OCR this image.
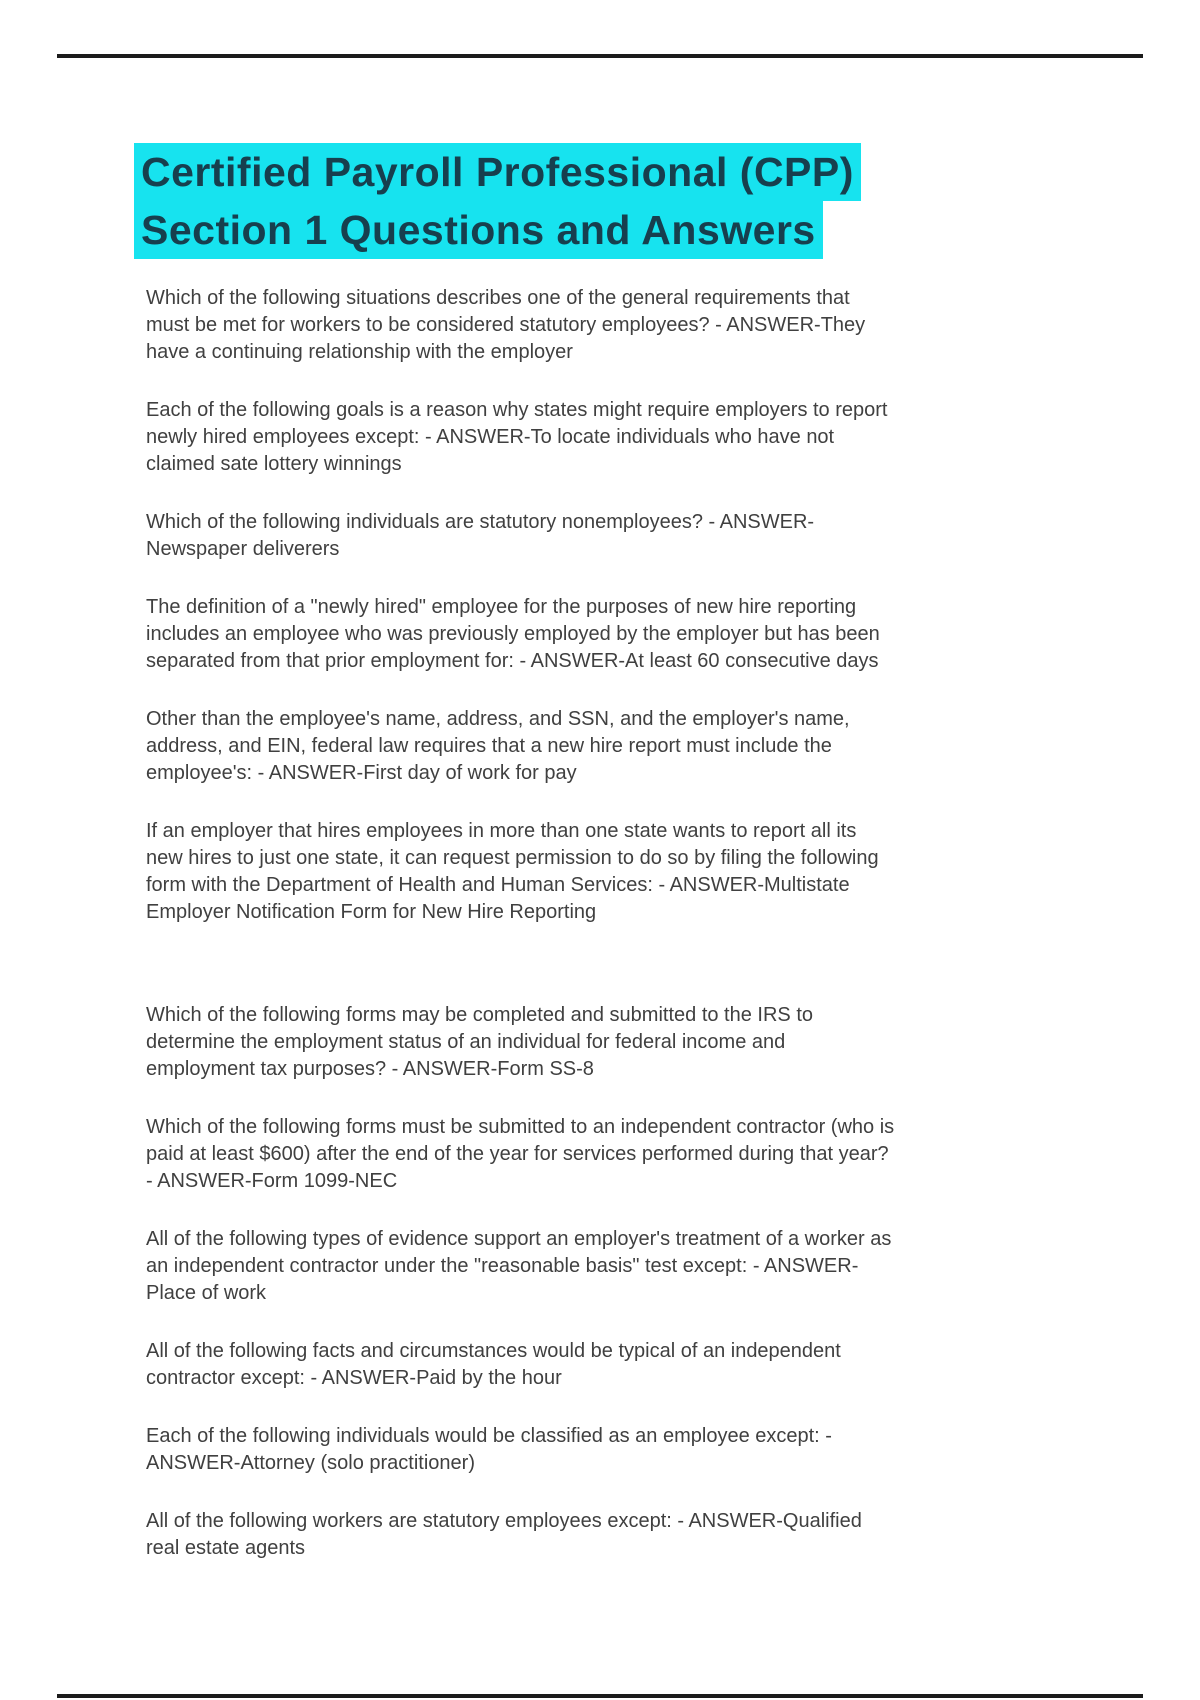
Certified Payroll Professional (CPP)
Section 1 Questions and Answers

Which of the following situations describes one of the general requirements that
must be met for workers to be considered statutory employees? - ANSWER-They
have a continuing relationship with the employer

Each of the following goals is a reason why states might require employers to report
newly hired employees except: - ANSWER-To locate individuals who have not
claimed sate lottery winnings

Which of the following individuals are statutory nonemployees? - ANSWER-
Newspaper deliverers

The definition of a "newly hired" employee for the purposes of new hire reporting
includes an employee who was previously employed by the employer but has been
separated from that prior employment for: - ANSWER-At least 60 consecutive days

Other than the employee's name, address, and SSN, and the employer's name,
address, and EIN, federal law requires that a new hire report must include the
employee's: - ANSWER-First day of work for pay

If an employer that hires employees in more than one state wants to report all its
new hires to just one state, it can request permission to do so by filing the following
form with the Department of Health and Human Services: - ANSWER-Multistate
Employer Notification Form for New Hire Reporting

Which of the following forms may be completed and submitted to the IRS to
determine the employment status of an individual for federal income and
employment tax purposes? - ANSWER-Form SS-8

Which of the following forms must be submitted to an independent contractor (who is
paid at least $600) after the end of the year for services performed during that year?
- ANSWER-Form 1099-NEC

All of the following types of evidence support an employer's treatment of a worker as
an independent contractor under the "reasonable basis" test except: - ANSWER-
Place of work

All of the following facts and circumstances would be typical of an independent
contractor except: - ANSWER-Paid by the hour

Each of the following individuals would be classified as an employee except: -
ANSWER-Attorney (solo practitioner)

All of the following workers are statutory employees except: - ANSWER-Qualified
real estate agents
